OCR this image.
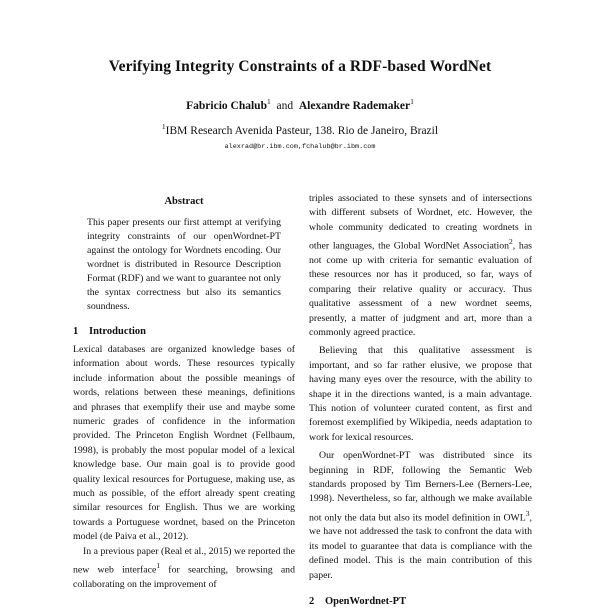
Verifying Integrity Constraints of a RDF-based WordNet
Fabricio Chalub$^1$ and Alexandre Rademaker$^1$
$^1$IBM Research Avenida Pasteur, 138. Rio de Janeiro, Brazil
alexrad@br.ibm.com,fchalub@br.ibm.com
Abstract

This paper presents our first attempt at verifying integrity constraints of our openWordnet-PT against the ontology for Wordnets encoding. Our wordnet is distributed in Resource Description Format (RDF) and we want to guarantee not only the syntax correctness but also its semantics soundness.

1 Introduction

Lexical databases are organized knowledge bases of information about words. These resources typically include information about the possible meanings of words, relations between these meanings, definitions and phrases that exemplify their use and maybe some numeric grades of confidence in the information provided. The Princeton English Wordnet (Fellbaum, 1998), is probably the most popular model of a lexical knowledge base. Our main goal is to provide good quality lexical resources for Portuguese, making use, as much as possible, of the effort already spent creating similar resources for English. Thus we are working towards a Portuguese wordnet, based on the Princeton model (de Paiva et al., 2012).

In a previous paper (Real et al., 2015) we reported the new web interface$^1$ for searching, browsing and collaborating on the improvement of

triples associated to these synsets and of intersections with different subsets of Wordnet, etc. However, the whole community dedicated to creating wordnets in other languages, the Global WordNet Association$^2$, has not come up with criteria for semantic evaluation of these resources nor has it produced, so far, ways of comparing their relative quality or accuracy. Thus qualitative assessment of a new wordnet seems, presently, a matter of judgment and art, more than a commonly agreed practice.

Believing that this qualitative assessment is important, and so far rather elusive, we propose that having many eyes over the resource, with the ability to shape it in the directions wanted, is a main advantage. This notion of volunteer curated content, as first and foremost exemplified by Wikipedia, needs adaptation to work for lexical resources.

Our openWordnet-PT was distributed since its beginning in RDF, following the Semantic Web standards proposed by Tim Berners-Lee (Berners-Lee, 1998). Nevertheless, so far, although we make available not only the data but also its model definition in OWL$^3$, we have not addressed the task to confront the data with its model to guarantee that data is compliance with the defined model. This is the main contribution of this paper.

2 OpenWordnet-PT
